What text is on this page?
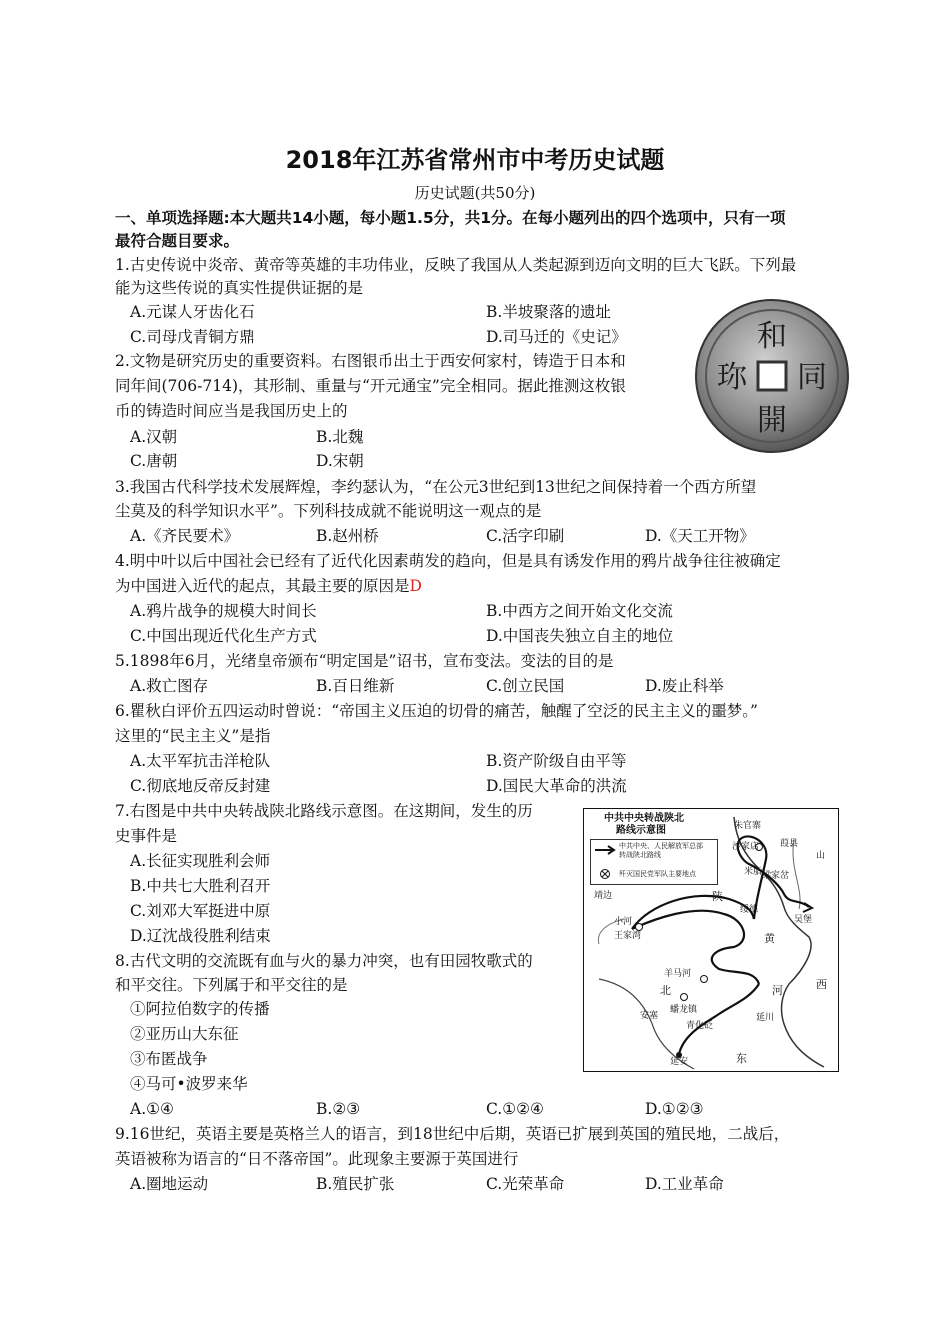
2018年江苏省常州市中考历史试题
历史试题(共50分)
一、单项选择题:本大题共14小题，每小题1.5分，共1分。在每小题列出的四个选项中，只有一项
最符合题目要求。
1.古史传说中炎帝、黄帝等英雄的丰功伟业，反映了我国从人类起源到迈向文明的巨大飞跃。下列最
能为这些传说的真实性提供证据的是
A.元谋人牙齿化石	B.半坡聚落的遗址
C.司母戊青铜方鼎	D.司马迁的《史记》	和
同
開
珎
2.文物是研究历史的重要资料。右图银币出土于西安何家村，铸造于日本和
同年间(706-714)，其形制、重量与“开元通宝”完全相同。据此推测这枚银
币的铸造时间应当是我国历史上的
A.汉朝	B.北魏
C.唐朝	D.宋朝
3.我国古代科学技术发展辉煌，李约瑟认为，“在公元3世纪到13世纪之间保持着一个西方所望
尘莫及的科学知识水平”。下列科技成就不能说明这一观点的是
A.《齐民要术》	B.赵州桥	C.活字印刷	D.《天工开物》
4.明中叶以后中国社会已经有了近代化因素萌发的趋向，但是具有诱发作用的鸦片战争往往被确定
为中国进入近代的起点，其最主要的原因是D
A.鸦片战争的规模大时间长	B.中西方之间开始文化交流
C.中国出现近代化生产方式	D.中国丧失独立自主的地位
5.1898年6月，光绪皇帝颁布“明定国是”诏书，宣布变法。变法的目的是
A.救亡图存	B.百日维新	C.创立民国	D.废止科举
6.瞿秋白评价五四运动时曾说：“帝国主义压迫的切骨的痛苦，触醒了空泛的民主主义的噩梦。”
这里的“民主主义”是指
A.太平军抗击洋枪队	B.资产阶级自由平等
C.彻底地反帝反封建	D.国民大革命的洪流
7.右图是中共中央转战陕北路线示意图。在这期间，发生的历
史事件是
A.长征实现胜利会师
B.中共七大胜利召开
C.刘邓大军挺进中原
D.辽沈战役胜利结束
中共中央转战陕北
路线示意图
中共中央、人民解放军总部
转战陕北路线
歼灭国民党军队主要地点
朱官寨
沙家店 葭县
山
梁家岔
米脂
绥德
吴堡
靖边
小河
王家湾
羊马河
蟠龙镇
青化砭
延川
安塞
延安
陕
黄
河	西
北
东
8.古代文明的交流既有血与火的暴力冲突，也有田园牧歌式的
和平交往。下列属于和平交往的是
①阿拉伯数字的传播
②亚历山大东征
③布匿战争
④马可•波罗来华
A.①④	B.②③	C.①②④	D.①②③
9.16世纪，英语主要是英格兰人的语言，到18世纪中后期，英语已扩展到英国的殖民地，二战后，
英语被称为语言的“日不落帝国”。此现象主要源于英国进行
A.圈地运动	B.殖民扩张	C.光荣革命	D.工业革命
